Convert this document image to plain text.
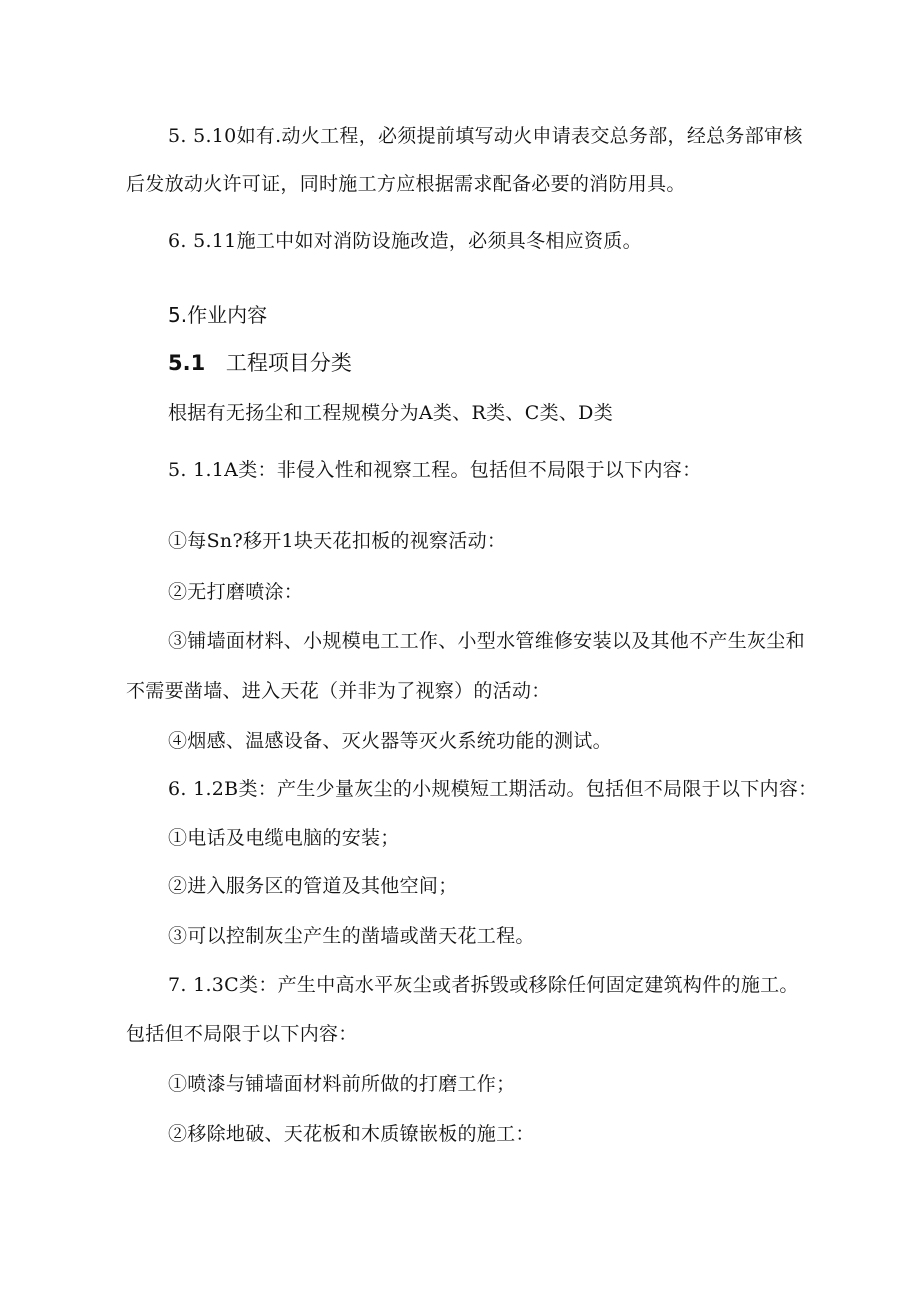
5. 5.10如有.动火工程，必须提前填写动火申请表交总务部，经总务部审核
后发放动火许可证，同时施工方应根据需求配备必要的消防用具。
6. 5.11施工中如对消防设施改造，必须具冬相应资质。
5.作业内容
5.1 工程项目分类
根据有无扬尘和工程规模分为A类、R类、C类、D类
5. 1.1A类：非侵入性和视察工程。包括但不局限于以下内容：
①每Sn?移开1块天花扣板的视察活动：
②无打磨喷涂：
③铺墙面材料、小规模电工工作、小型水管维修安装以及其他不产生灰尘和
不需要凿墙、进入天花（并非为了视察）的活动：
④烟感、温感设备、灭火器等灭火系统功能的测试。
6. 1.2B类：产生少量灰尘的小规模短工期活动。包括但不局限于以下内容：
①电话及电缆电脑的安装；
②进入服务区的管道及其他空间；
③可以控制灰尘产生的凿墙或凿天花工程。
7. 1.3C类：产生中高水平灰尘或者拆毁或移除任何固定建筑构件的施工。
包括但不局限于以下内容：
①喷漆与铺墙面材料前所做的打磨工作；
②移除地破、天花板和木质镣嵌板的施工：
